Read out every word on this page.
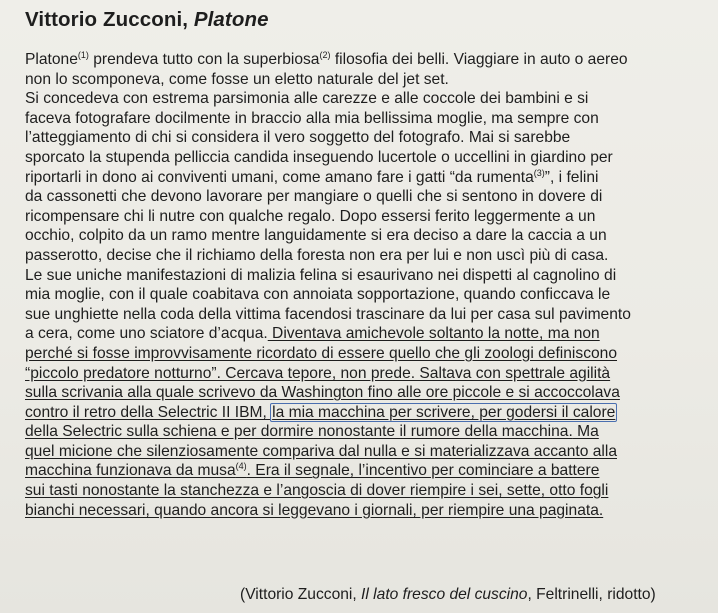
Vittorio Zucconi, Platone
Platone$^{(1)}$ prendeva tutto con la superbiosa$^{(2)}$ filosofia dei belli. Viaggiare in auto o aereo
non lo scomponeva, come fosse un eletto naturale del jet set.
Si concedeva con estrema parsimonia alle carezze e alle coccole dei bambini e si
faceva fotografare docilmente in braccio alla mia bellissima moglie, ma sempre con
l’atteggiamento di chi si considera il vero soggetto del fotografo. Mai si sarebbe
sporcato la stupenda pelliccia candida inseguendo lucertole o uccellini in giardino per
riportarli in dono ai conviventi umani, come amano fare i gatti “da rumenta$^{(3)}$”, i felini
da cassonetti che devono lavorare per mangiare o quelli che si sentono in dovere di
ricompensare chi li nutre con qualche regalo. Dopo essersi ferito leggermente a un
occhio, colpito da un ramo mentre languidamente si era deciso a dare la caccia a un
passerotto, decise che il richiamo della foresta non era per lui e non uscì più di casa.
Le sue uniche manifestazioni di malizia felina si esaurivano nei dispetti al cagnolino di
mia moglie, con il quale coabitava con annoiata sopportazione, quando conficcava le
sue unghiette nella coda della vittima facendosi trascinare da lui per casa sul pavimento
a cera, come uno sciatore d’acqua. Diventava amichevole soltanto la notte, ma non
perché si fosse improvvisamente ricordato di essere quello che gli zoologi definiscono
“piccolo predatore notturno”. Cercava tepore, non prede. Saltava con spettrale agilità
sulla scrivania alla quale scrivevo da Washington fino alle ore piccole e si accoccolava
contro il retro della Selectric II IBM, la mia macchina per scrivere, per godersi il calore
della Selectric sulla schiena e per dormire nonostante il rumore della macchina. Ma
quel micione che silenziosamente compariva dal nulla e si materializzava accanto alla
macchina funzionava da musa$^{(4)}$. Era il segnale, l’incentivo per cominciare a battere
sui tasti nonostante la stanchezza e l’angoscia di dover riempire i sei, sette, otto fogli
bianchi necessari, quando ancora si leggevano i giornali, per riempire una paginata.
(Vittorio Zucconi, Il lato fresco del cuscino, Feltrinelli, ridotto)
